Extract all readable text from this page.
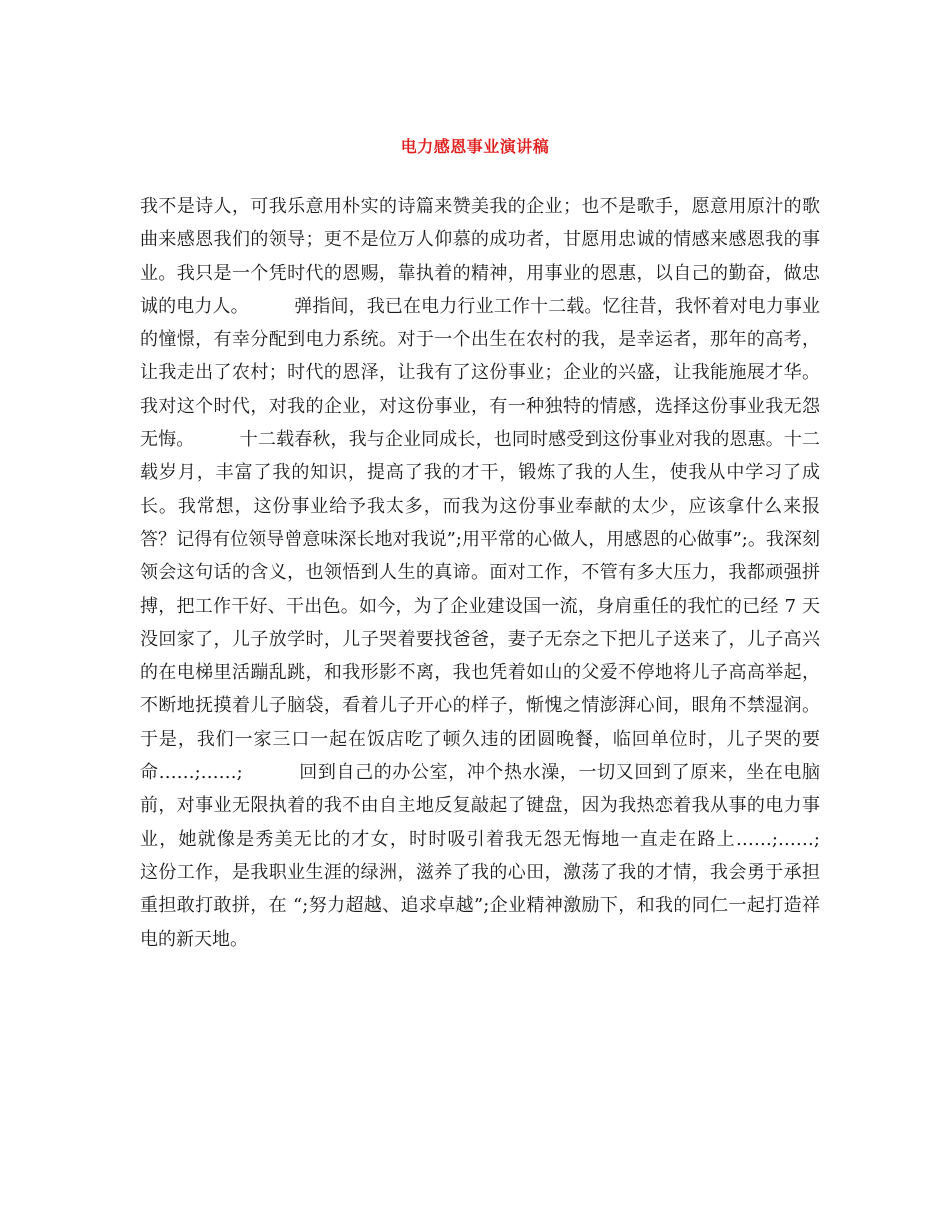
电力感恩事业演讲稿

我不是诗人，可我乐意用朴实的诗篇来赞美我的企业；也不是歌手，愿意用原汁的歌曲来感恩我们的领导；更不是位万人仰慕的成功者，甘愿用忠诚的情感来感恩我的事业。我只是一个凭时代的恩赐，靠执着的精神，用事业的恩惠，以自己的勤奋，做忠诚的电力人。　　　弹指间，我已在电力行业工作十二载。忆往昔，我怀着对电力事业的憧憬，有幸分配到电力系统。对于一个出生在农村的我，是幸运者，那年的高考，让我走出了农村；时代的恩泽，让我有了这份事业；企业的兴盛，让我能施展才华。我对这个时代，对我的企业，对这份事业，有一种独特的情感，选择这份事业我无怨无悔。　　　十二载春秋，我与企业同成长，也同时感受到这份事业对我的恩惠。十二载岁月，丰富了我的知识，提高了我的才干，锻炼了我的人生，使我从中学习了成长。我常想，这份事业给予我太多，而我为这份事业奉献的太少，应该拿什么来报答？记得有位领导曾意味深长地对我说”;用平常的心做人，用感恩的心做事”;。我深刻领会这句话的含义，也领悟到人生的真谛。面对工作，不管有多大压力，我都顽强拼搏，把工作干好、干出色。如今，为了企业建设国一流，身肩重任的我忙的已经 7 天没回家了，儿子放学时，儿子哭着要找爸爸，妻子无奈之下把儿子送来了，儿子高兴的在电梯里活蹦乱跳，和我形影不离，我也凭着如山的父爱不停地将儿子高高举起，不断地抚摸着儿子脑袋，看着儿子开心的样子，惭愧之情澎湃心间，眼角不禁湿润。于是，我们一家三口一起在饭店吃了顿久违的团圆晚餐，临回单位时，儿子哭的要命……;……;　　　回到自己的办公室，冲个热水澡，一切又回到了原来，坐在电脑前，对事业无限执着的我不由自主地反复敲起了键盘，因为我热恋着我从事的电力事业，她就像是秀美无比的才女，时时吸引着我无怨无悔地一直走在路上……;……;　　　这份工作，是我职业生涯的绿洲，滋养了我的心田，激荡了我的才情，我会勇于承担重担敢打敢拼，在 “;努力超越、追求卓越”;企业精神激励下，和我的同仁一起打造祥电的新天地。
